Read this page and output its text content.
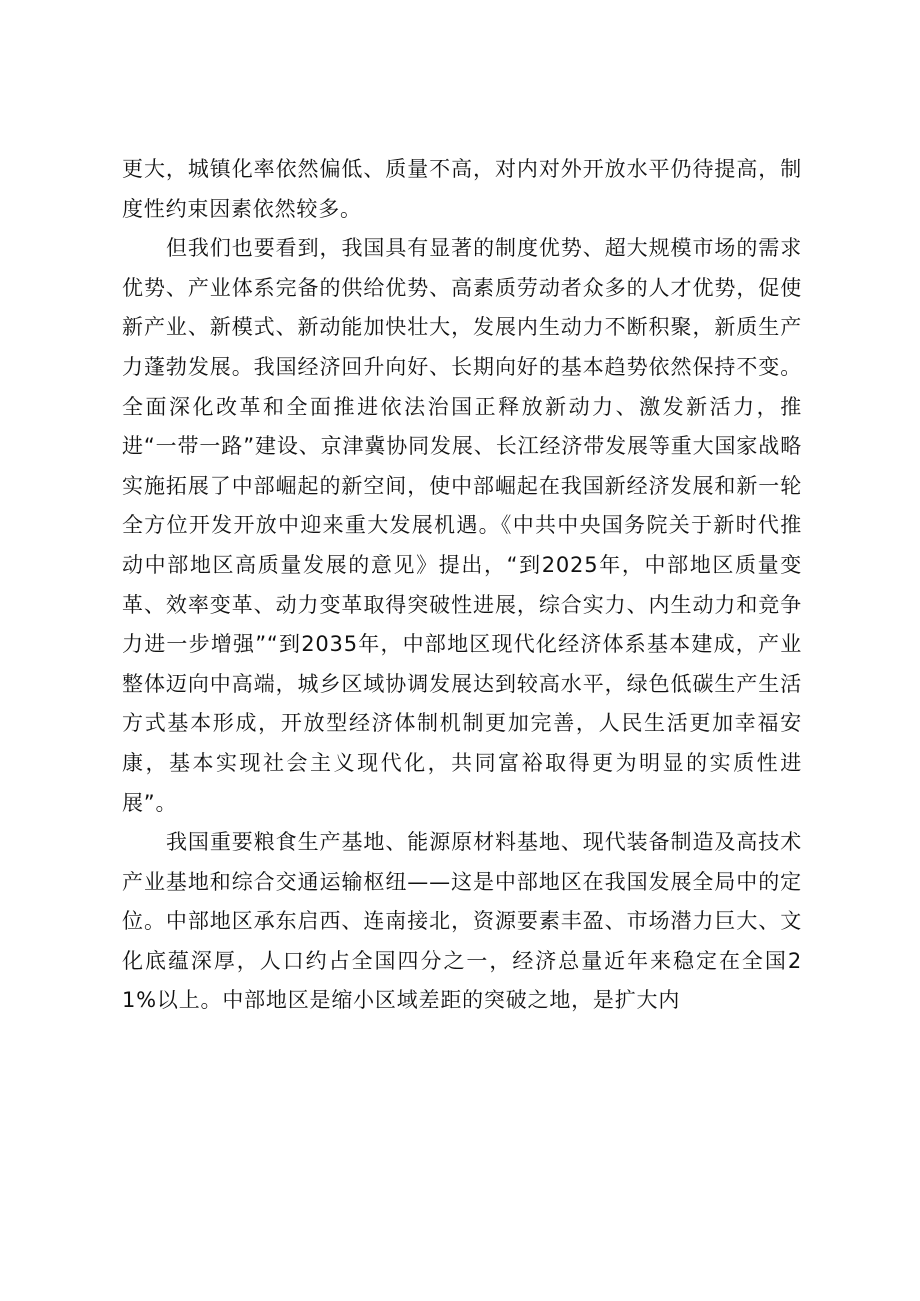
更大，城镇化率依然偏低、质量不高，对内对外开放水平仍待提高，制度性约束因素依然较多。

但我们也要看到，我国具有显著的制度优势、超大规模市场的需求优势、产业体系完备的供给优势、高素质劳动者众多的人才优势，促使新产业、新模式、新动能加快壮大，发展内生动力不断积聚，新质生产力蓬勃发展。我国经济回升向好、长期向好的基本趋势依然保持不变。全面深化改革和全面推进依法治国正释放新动力、激发新活力，推进“一带一路”建设、京津冀协同发展、长江经济带发展等重大国家战略实施拓展了中部崛起的新空间，使中部崛起在我国新经济发展和新一轮全方位开发开放中迎来重大发展机遇。《中共中央国务院关于新时代推动中部地区高质量发展的意见》提出，“到2025年，中部地区质量变革、效率变革、动力变革取得突破性进展，综合实力、内生动力和竞争力进一步增强”“到2035年，中部地区现代化经济体系基本建成，产业整体迈向中高端，城乡区域协调发展达到较高水平，绿色低碳生产生活方式基本形成，开放型经济体制机制更加完善，人民生活更加幸福安康，基本实现社会主义现代化，共同富裕取得更为明显的实质性进展”。

我国重要粮食生产基地、能源原材料基地、现代装备制造及高技术产业基地和综合交通运输枢纽——这是中部地区在我国发展全局中的定位。中部地区承东启西、连南接北，资源要素丰盈、市场潜力巨大、文化底蕴深厚，人口约占全国四分之一，经济总量近年来稳定在全国21%以上。中部地区是缩小区域差距的突破之地，是扩大内
